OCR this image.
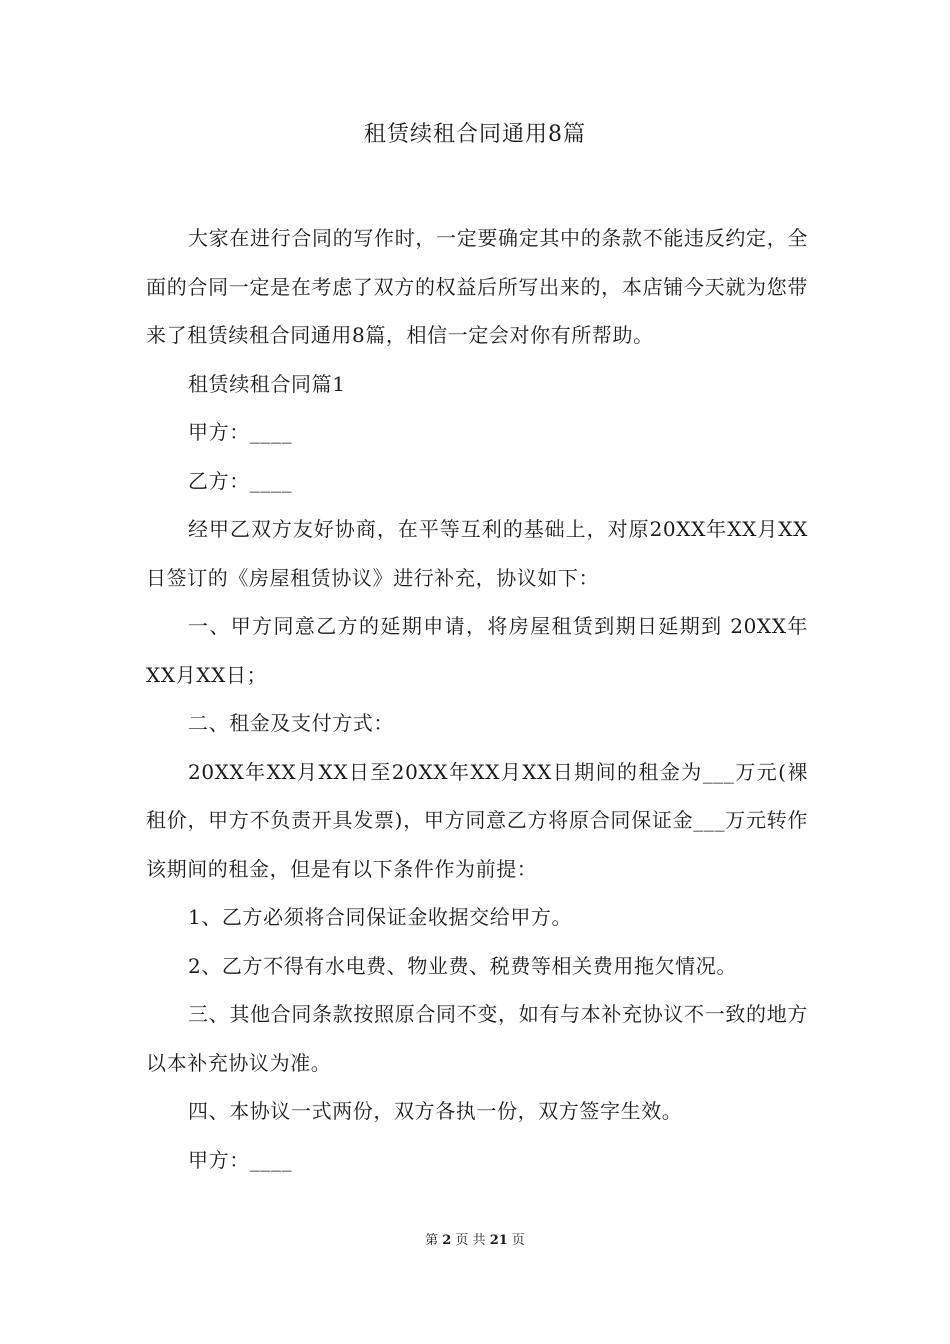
租赁续租合同通用8篇

大家在进行合同的写作时，一定要确定其中的条款不能违反约定，全面的合同一定是在考虑了双方的权益后所写出来的，本店铺今天就为您带来了租赁续租合同通用8篇，相信一定会对你有所帮助。

租赁续租合同篇1

甲方：____

乙方：____

经甲乙双方友好协商，在平等互利的基础上，对原20XX年XX月XX日签订的《房屋租赁协议》进行补充，协议如下：

一、甲方同意乙方的延期申请，将房屋租赁到期日延期到 20XX年XX月XX日；

二、租金及支付方式：

20XX年XX月XX日至20XX年XX月XX日期间的租金为___万元(裸租价，甲方不负责开具发票)，甲方同意乙方将原合同保证金___万元转作该期间的租金，但是有以下条件作为前提：

1、乙方必须将合同保证金收据交给甲方。

2、乙方不得有水电费、物业费、税费等相关费用拖欠情况。

三、其他合同条款按照原合同不变，如有与本补充协议不一致的地方以本补充协议为准。

四、本协议一式两份，双方各执一份，双方签字生效。

甲方：____

第 2 页 共 21 页
